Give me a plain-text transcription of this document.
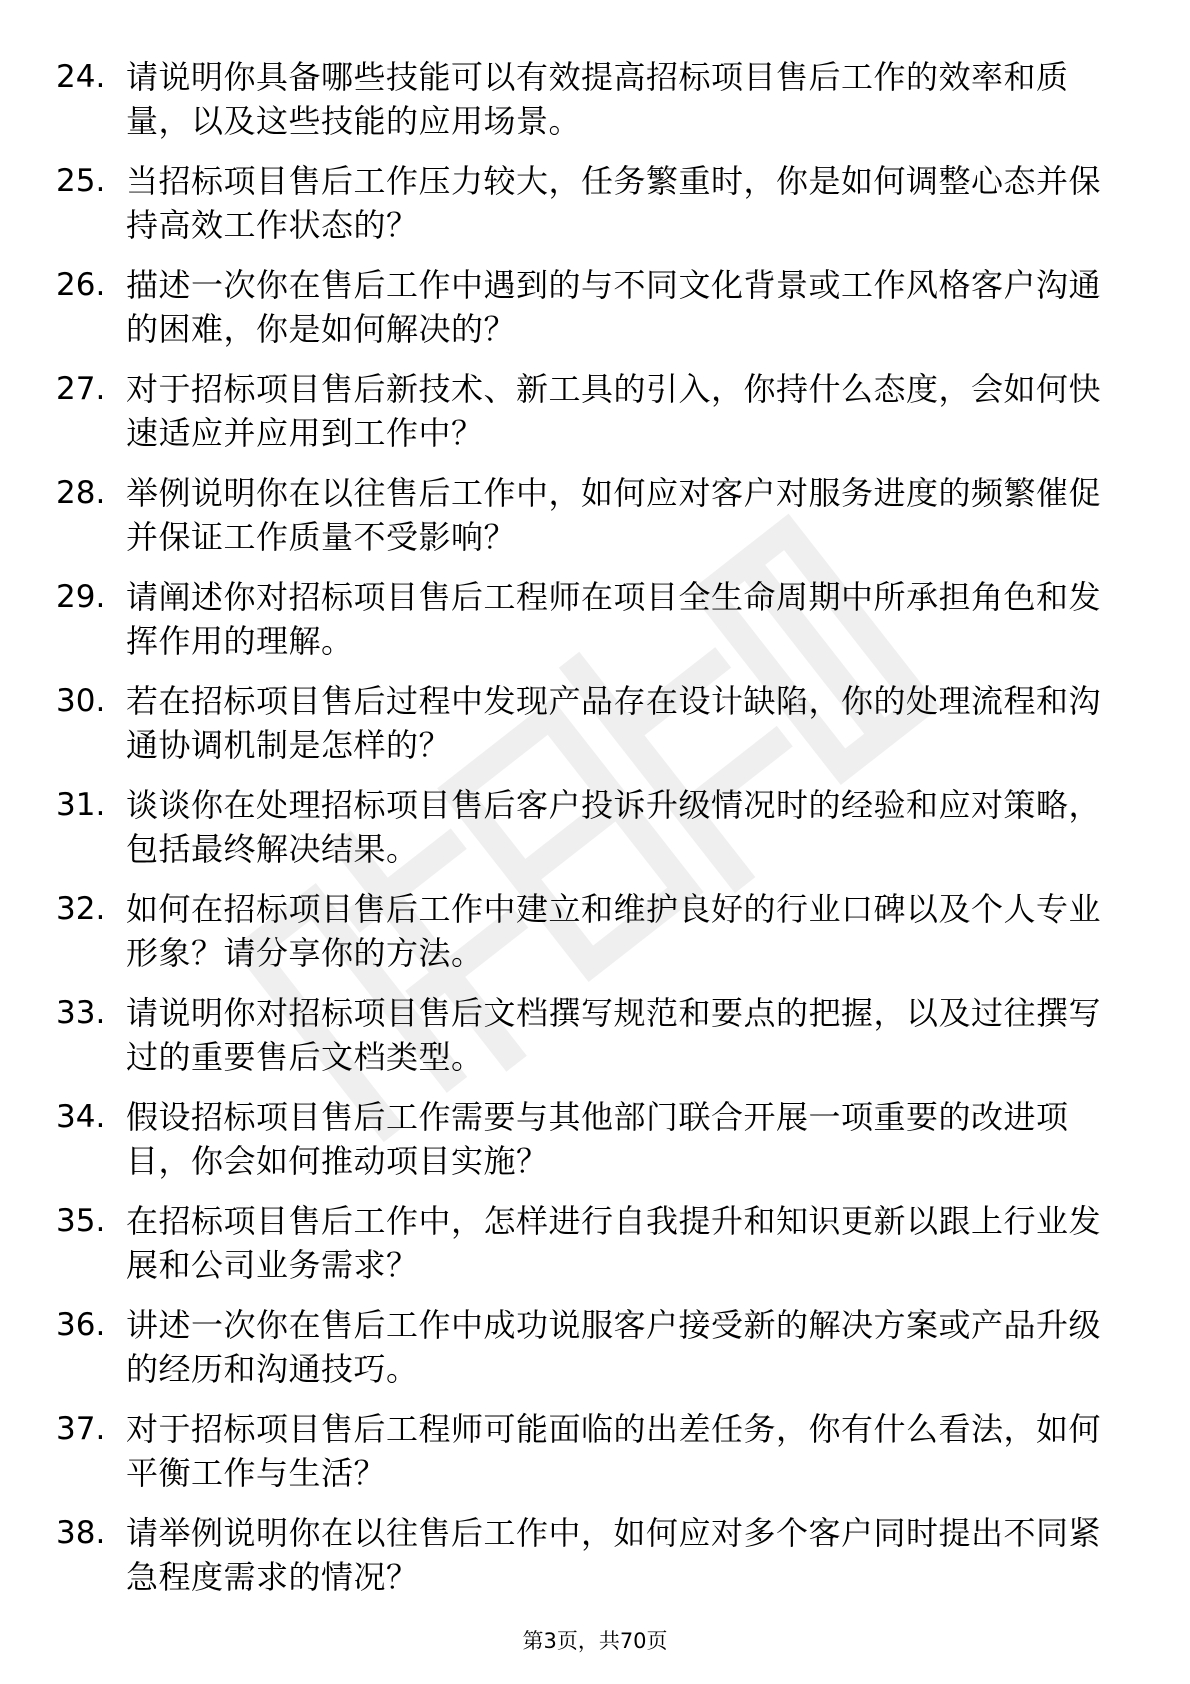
24. 请说明你具备哪些技能可以有效提高招标项目售后工作的效率和质量，以及这些技能的应用场景。
25. 当招标项目售后工作压力较大，任务繁重时，你是如何调整心态并保持高效工作状态的？
26. 描述一次你在售后工作中遇到的与不同文化背景或工作风格客户沟通的困难，你是如何解决的？
27. 对于招标项目售后新技术、新工具的引入，你持什么态度，会如何快速适应并应用到工作中？
28. 举例说明你在以往售后工作中，如何应对客户对服务进度的频繁催促并保证工作质量不受影响？
29. 请阐述你对招标项目售后工程师在项目全生命周期中所承担角色和发挥作用的理解。
30. 若在招标项目售后过程中发现产品存在设计缺陷，你的处理流程和沟通协调机制是怎样的？
31. 谈谈你在处理招标项目售后客户投诉升级情况时的经验和应对策略，包括最终解决结果。
32. 如何在招标项目售后工作中建立和维护良好的行业口碑以及个人专业形象？请分享你的方法。
33. 请说明你对招标项目售后文档撰写规范和要点的把握，以及过往撰写过的重要售后文档类型。
34. 假设招标项目售后工作需要与其他部门联合开展一项重要的改进项目，你会如何推动项目实施？
35. 在招标项目售后工作中，怎样进行自我提升和知识更新以跟上行业发展和公司业务需求？
36. 讲述一次你在售后工作中成功说服客户接受新的解决方案或产品升级的经历和沟通技巧。
37. 对于招标项目售后工程师可能面临的出差任务，你有什么看法，如何平衡工作与生活？
38. 请举例说明你在以往售后工作中，如何应对多个客户同时提出不同紧急程度需求的情况？
第3页，共70页
